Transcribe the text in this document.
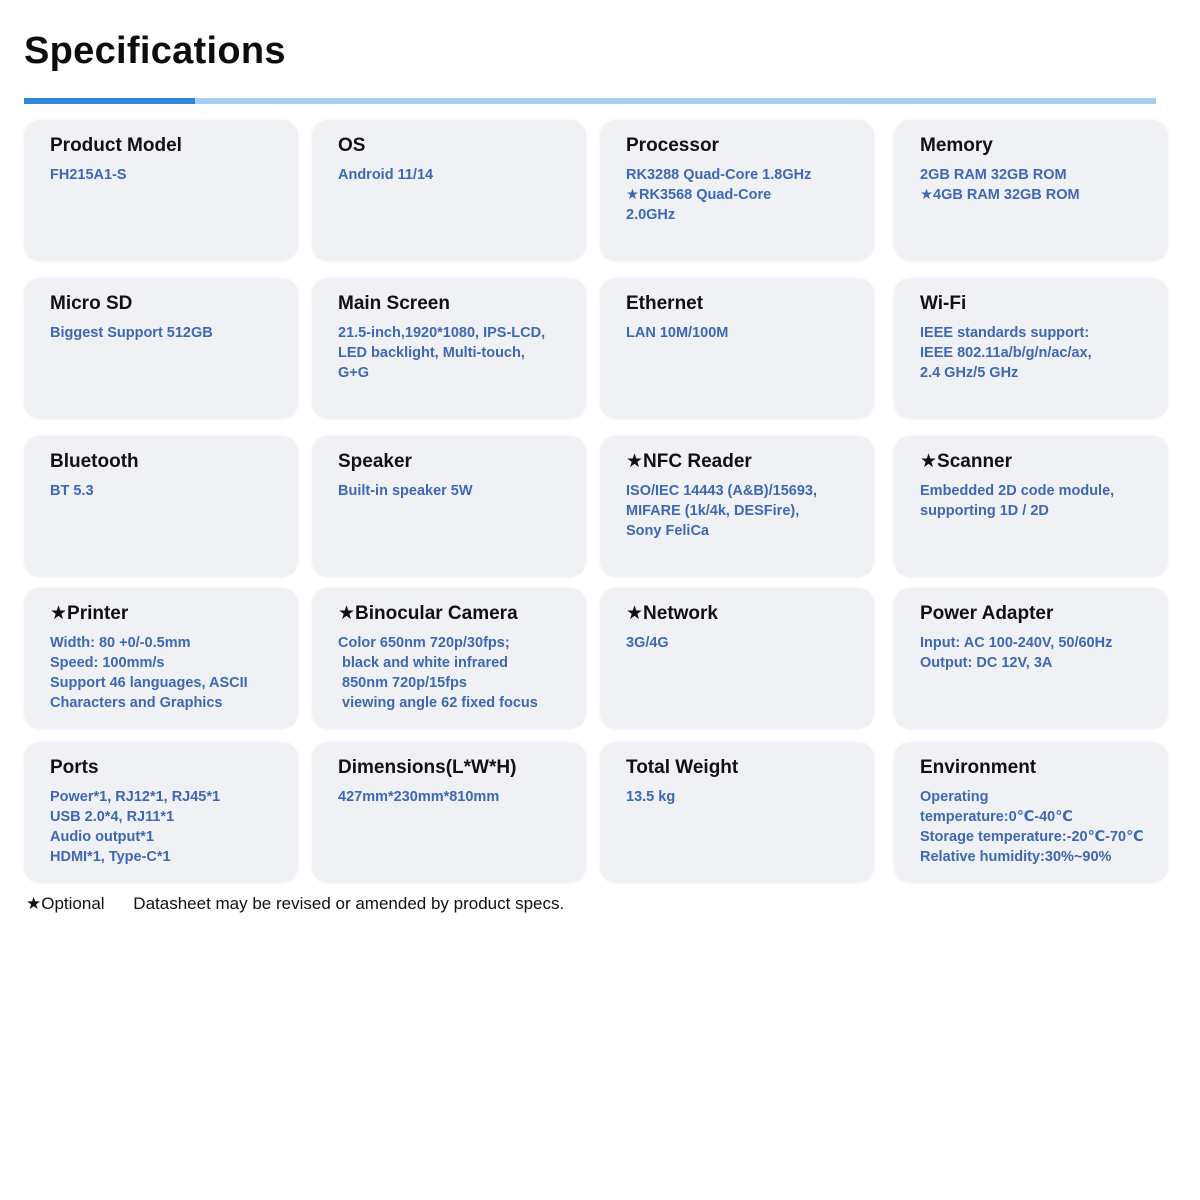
Specifications
Product Model
FH215A1-S
OS
Android 11/14
Processor
RK3288 Quad-Core 1.8GHz
★RK3568 Quad-Core
2.0GHz
Memory
2GB RAM 32GB ROM
★4GB RAM 32GB ROM
Micro SD
Biggest Support 512GB
Main Screen
21.5-inch,1920*1080, IPS-LCD,
LED backlight, Multi-touch,
G+G
Ethernet
LAN 10M/100M
Wi-Fi
IEEE standards support:
IEEE 802.11a/b/g/n/ac/ax,
2.4 GHz/5 GHz
Bluetooth
BT 5.3
Speaker
Built-in speaker 5W
★NFC Reader
ISO/IEC 14443 (A&B)/15693,
MIFARE (1k/4k, DESFire),
Sony FeliCa
★Scanner
Embedded 2D code module,
supporting 1D / 2D
★Printer
Width: 80 +0/-0.5mm
Speed: 100mm/s
Support 46 languages, ASCII
Characters and Graphics
★Binocular Camera
Color 650nm 720p/30fps;
black and white infrared
850nm 720p/15fps
viewing angle 62 fixed focus
★Network
3G/4G
Power Adapter
Input: AC 100-240V, 50/60Hz
Output: DC 12V, 3A
Ports
Power*1, RJ12*1, RJ45*1
USB 2.0*4, RJ11*1
Audio output*1
HDMI*1, Type-C*1
Dimensions(L*W*H)
427mm*230mm*810mm
Total Weight
13.5 kg
Environment
Operating
temperature:0℃-40℃
Storage temperature:-20℃-70℃
Relative humidity:30%~90%
★Optional Datasheet may be revised or amended by product specs.
